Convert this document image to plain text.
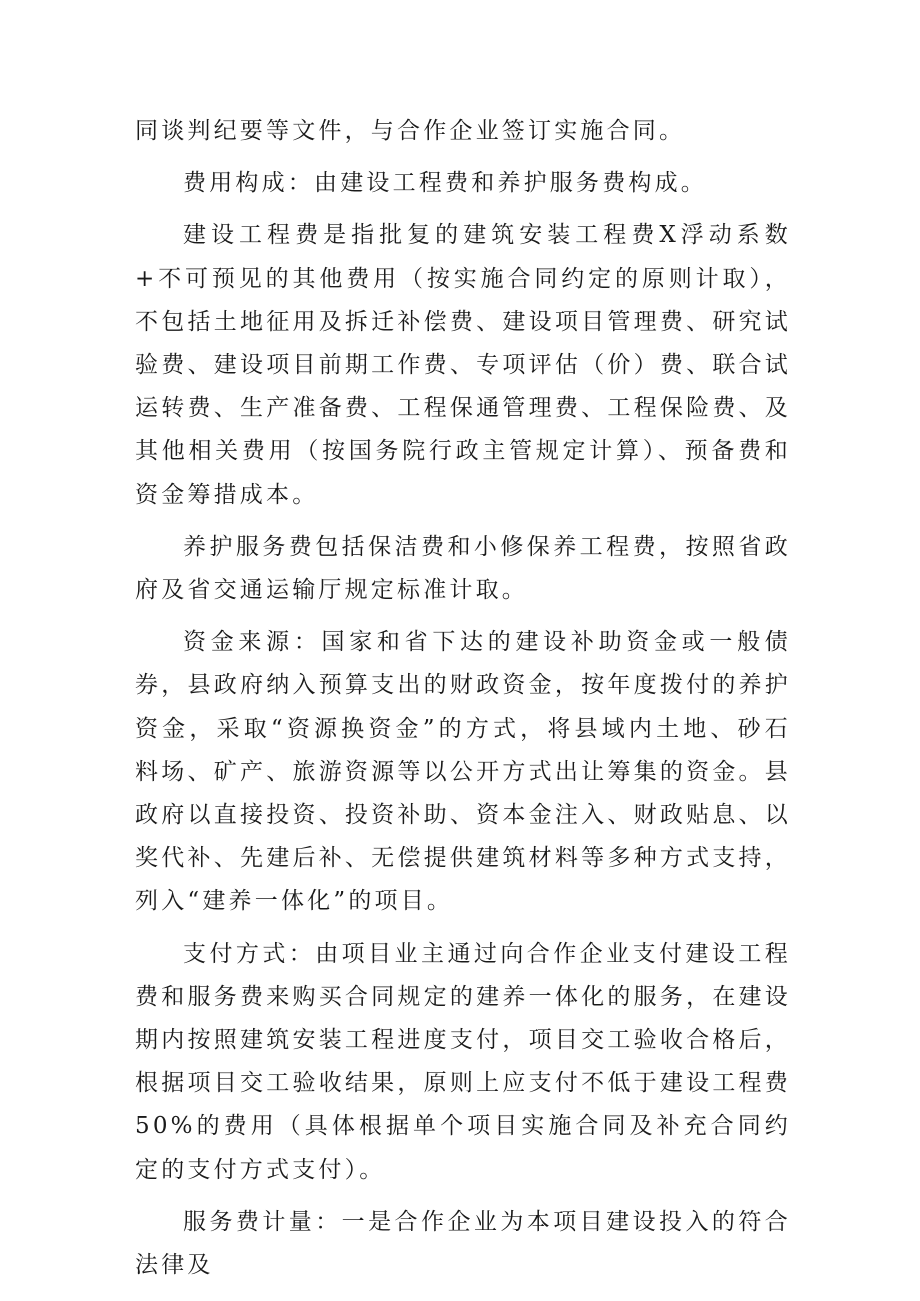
同谈判纪要等文件，与合作企业签订实施合同。

费用构成：由建设工程费和养护服务费构成。

建设工程费是指批复的建筑安装工程费X浮动系数+不可预见的其他费用（按实施合同约定的原则计取），不包括土地征用及拆迁补偿费、建设项目管理费、研究试验费、建设项目前期工作费、专项评估（价）费、联合试运转费、生产准备费、工程保通管理费、工程保险费、及其他相关费用（按国务院行政主管规定计算）、预备费和资金筹措成本。

养护服务费包括保洁费和小修保养工程费，按照省政府及省交通运输厅规定标准计取。

资金来源：国家和省下达的建设补助资金或一般债券，县政府纳入预算支出的财政资金，按年度拨付的养护资金，采取“资源换资金”的方式，将县域内土地、砂石料场、矿产、旅游资源等以公开方式出让筹集的资金。县政府以直接投资、投资补助、资本金注入、财政贴息、以奖代补、先建后补、无偿提供建筑材料等多种方式支持，列入“建养一体化”的项目。

支付方式：由项目业主通过向合作企业支付建设工程费和服务费来购买合同规定的建养一体化的服务，在建设期内按照建筑安装工程进度支付，项目交工验收合格后，根据项目交工验收结果，原则上应支付不低于建设工程费50%的费用（具体根据单个项目实施合同及补充合同约定的支付方式支付）。

服务费计量：一是合作企业为本项目建设投入的符合法律及
